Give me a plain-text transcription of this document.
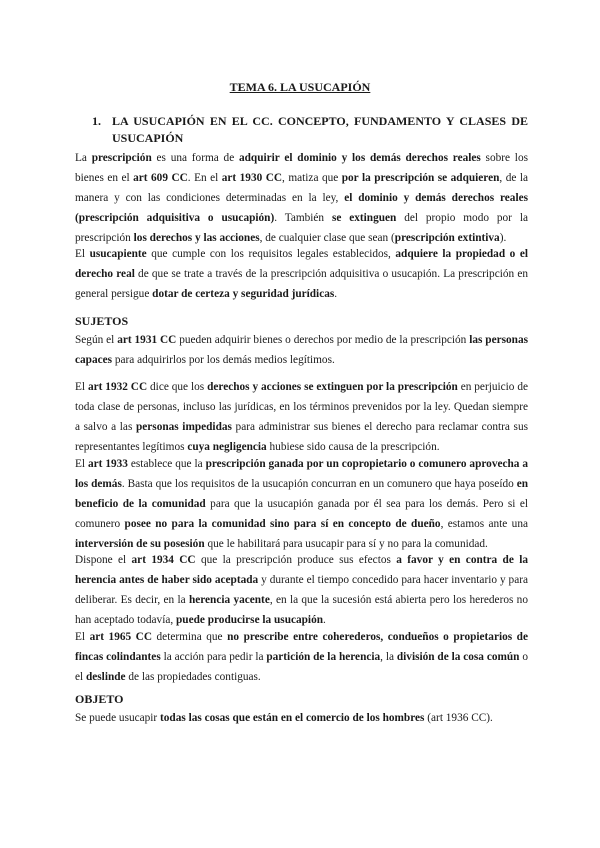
TEMA 6. LA USUCAPIÓN
1. LA USUCAPIÓN EN EL CC. CONCEPTO, FUNDAMENTO Y CLASES DE USUCAPIÓN

La prescripción es una forma de adquirir el dominio y los demás derechos reales sobre los bienes en el art 609 CC. En el art 1930 CC, matiza que por la prescripción se adquieren, de la manera y con las condiciones determinadas en la ley, el dominio y demás derechos reales (prescripción adquisitiva o usucapión). También se extinguen del propio modo por la prescripción los derechos y las acciones, de cualquier clase que sean (prescripción extintiva).

El usucapiente que cumple con los requisitos legales establecidos, adquiere la propiedad o el derecho real de que se trate a través de la prescripción adquisitiva o usucapión. La prescripción en general persigue dotar de certeza y seguridad jurídicas.

SUJETOS

Según el art 1931 CC pueden adquirir bienes o derechos por medio de la prescripción las personas capaces para adquirirlos por los demás medios legítimos.

El art 1932 CC dice que los derechos y acciones se extinguen por la prescripción en perjuicio de toda clase de personas, incluso las jurídicas, en los términos prevenidos por la ley. Quedan siempre a salvo a las personas impedidas para administrar sus bienes el derecho para reclamar contra sus representantes legítimos cuya negligencia hubiese sido causa de la prescripción.

El art 1933 establece que la prescripción ganada por un copropietario o comunero aprovecha a los demás. Basta que los requisitos de la usucapión concurran en un comunero que haya poseído en beneficio de la comunidad para que la usucapión ganada por él sea para los demás. Pero si el comunero posee no para la comunidad sino para sí en concepto de dueño, estamos ante una interversión de su posesión que le habilitará para usucapir para sí y no para la comunidad.

Dispone el art 1934 CC que la prescripción produce sus efectos a favor y en contra de la herencia antes de haber sido aceptada y durante el tiempo concedido para hacer inventario y para deliberar. Es decir, en la herencia yacente, en la que la sucesión está abierta pero los herederos no han aceptado todavía, puede producirse la usucapión.

El art 1965 CC determina que no prescribe entre coherederos, condueños o propietarios de fincas colindantes la acción para pedir la partición de la herencia, la división de la cosa común o el deslinde de las propiedades contiguas.

OBJETO

Se puede usucapir todas las cosas que están en el comercio de los hombres (art 1936 CC).
